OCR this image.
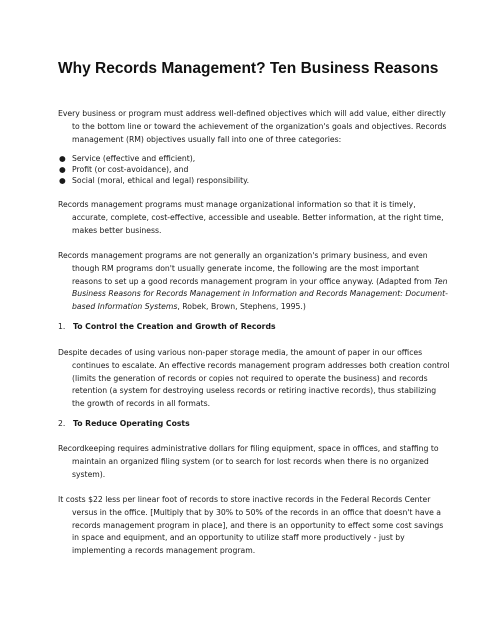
Why Records Management? Ten Business Reasons

Every business or program must address well-defined objectives which will add value, either directly to the bottom line or toward the achievement of the organization's goals and objectives. Records management (RM) objectives usually fall into one of three categories:

● Service (effective and efficient),
● Profit (or cost-avoidance), and
● Social (moral, ethical and legal) responsibility.

Records management programs must manage organizational information so that it is timely, accurate, complete, cost-effective, accessible and useable. Better information, at the right time, makes better business.

Records management programs are not generally an organization's primary business, and even though RM programs don't usually generate income, the following are the most important reasons to set up a good records management program in your office anyway. (Adapted from Ten Business Reasons for Records Management in Information and Records Management: Document-based Information Systems, Robek, Brown, Stephens, 1995.)

1. To Control the Creation and Growth of Records

Despite decades of using various non-paper storage media, the amount of paper in our offices continues to escalate. An effective records management program addresses both creation control (limits the generation of records or copies not required to operate the business) and records retention (a system for destroying useless records or retiring inactive records), thus stabilizing the growth of records in all formats.

2. To Reduce Operating Costs

Recordkeeping requires administrative dollars for filing equipment, space in offices, and staffing to maintain an organized filing system (or to search for lost records when there is no organized system).

It costs $22 less per linear foot of records to store inactive records in the Federal Records Center versus in the office. [Multiply that by 30% to 50% of the records in an office that doesn't have a records management program in place], and there is an opportunity to effect some cost savings in space and equipment, and an opportunity to utilize staff more productively - just by implementing a records management program.
